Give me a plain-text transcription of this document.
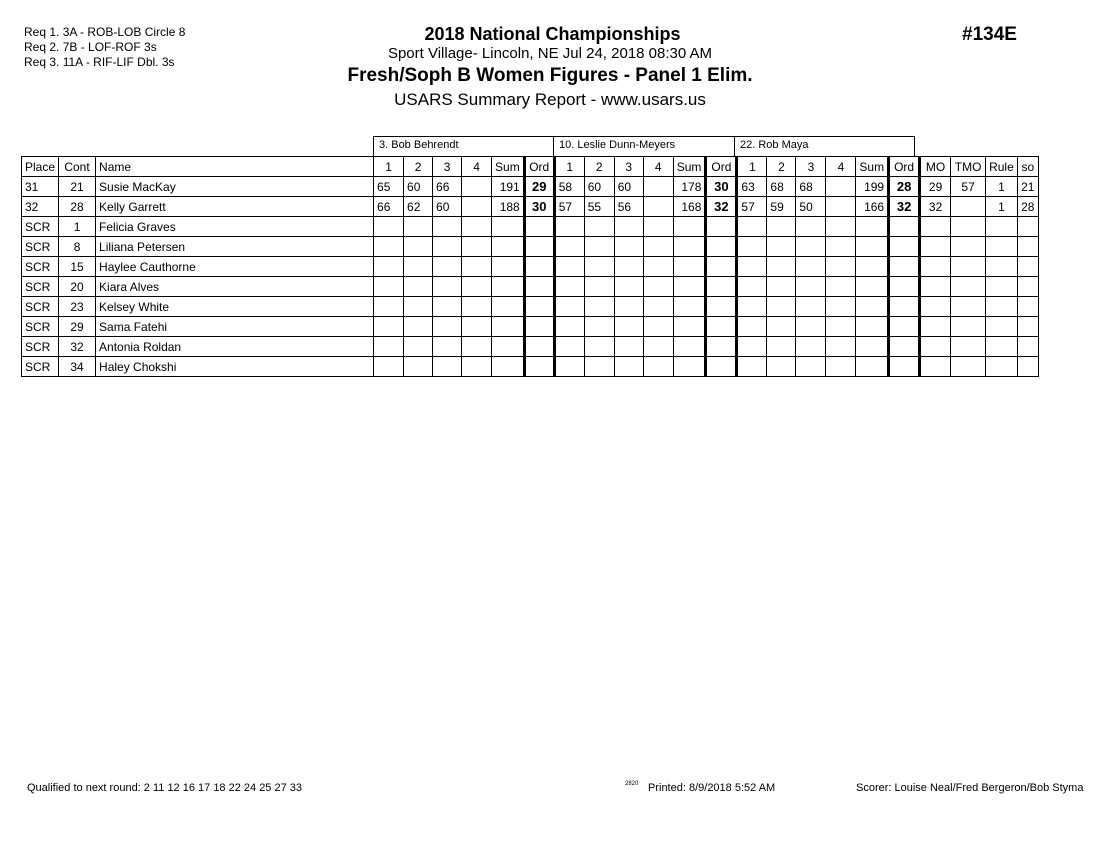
Req 1. 3A - ROB-LOB Circle 8
Req 2. 7B - LOF-ROF 3s
Req 3. 11A - RIF-LIF Dbl. 3s
2018 National Championships
Sport Village- Lincoln, NE Jul 24, 2018 08:30 AM
Fresh/Soph B Women Figures - Panel 1 Elim.
USARS Summary Report - www.usars.us
#134E
3. Bob Behrendt	10. Leslie Dunn-Meyers	22. Rob Maya
Place	Cont	Name	1	2	3	4	Sum	Ord	1	2	3	4	Sum	Ord	1	2	3	4	Sum	Ord	MO	TMO	Rule	so
31	21	Susie MacKay	65	60	66		191	29	58	60	60		178	30	63	68	68		199	28	29	57	1	21
32	28	Kelly Garrett	66	62	60		188	30	57	55	56		168	32	57	59	50		166	32	32		1	28
SCR	1	Felicia Graves																						
SCR	8	Liliana Petersen																						
SCR	15	Haylee Cauthorne																						
SCR	20	Kiara Alves																						
SCR	23	Kelsey White																						
SCR	29	Sama Fatehi																						
SCR	32	Antonia Roldan																						
SCR	34	Haley Chokshi																						
Qualified to next round: 2 11 12 16 17 18 22 24 25 27 33	2820 Printed: 8/9/2018 5:52 AM	Scorer: Louise Neal/Fred Bergeron/Bob Styma
